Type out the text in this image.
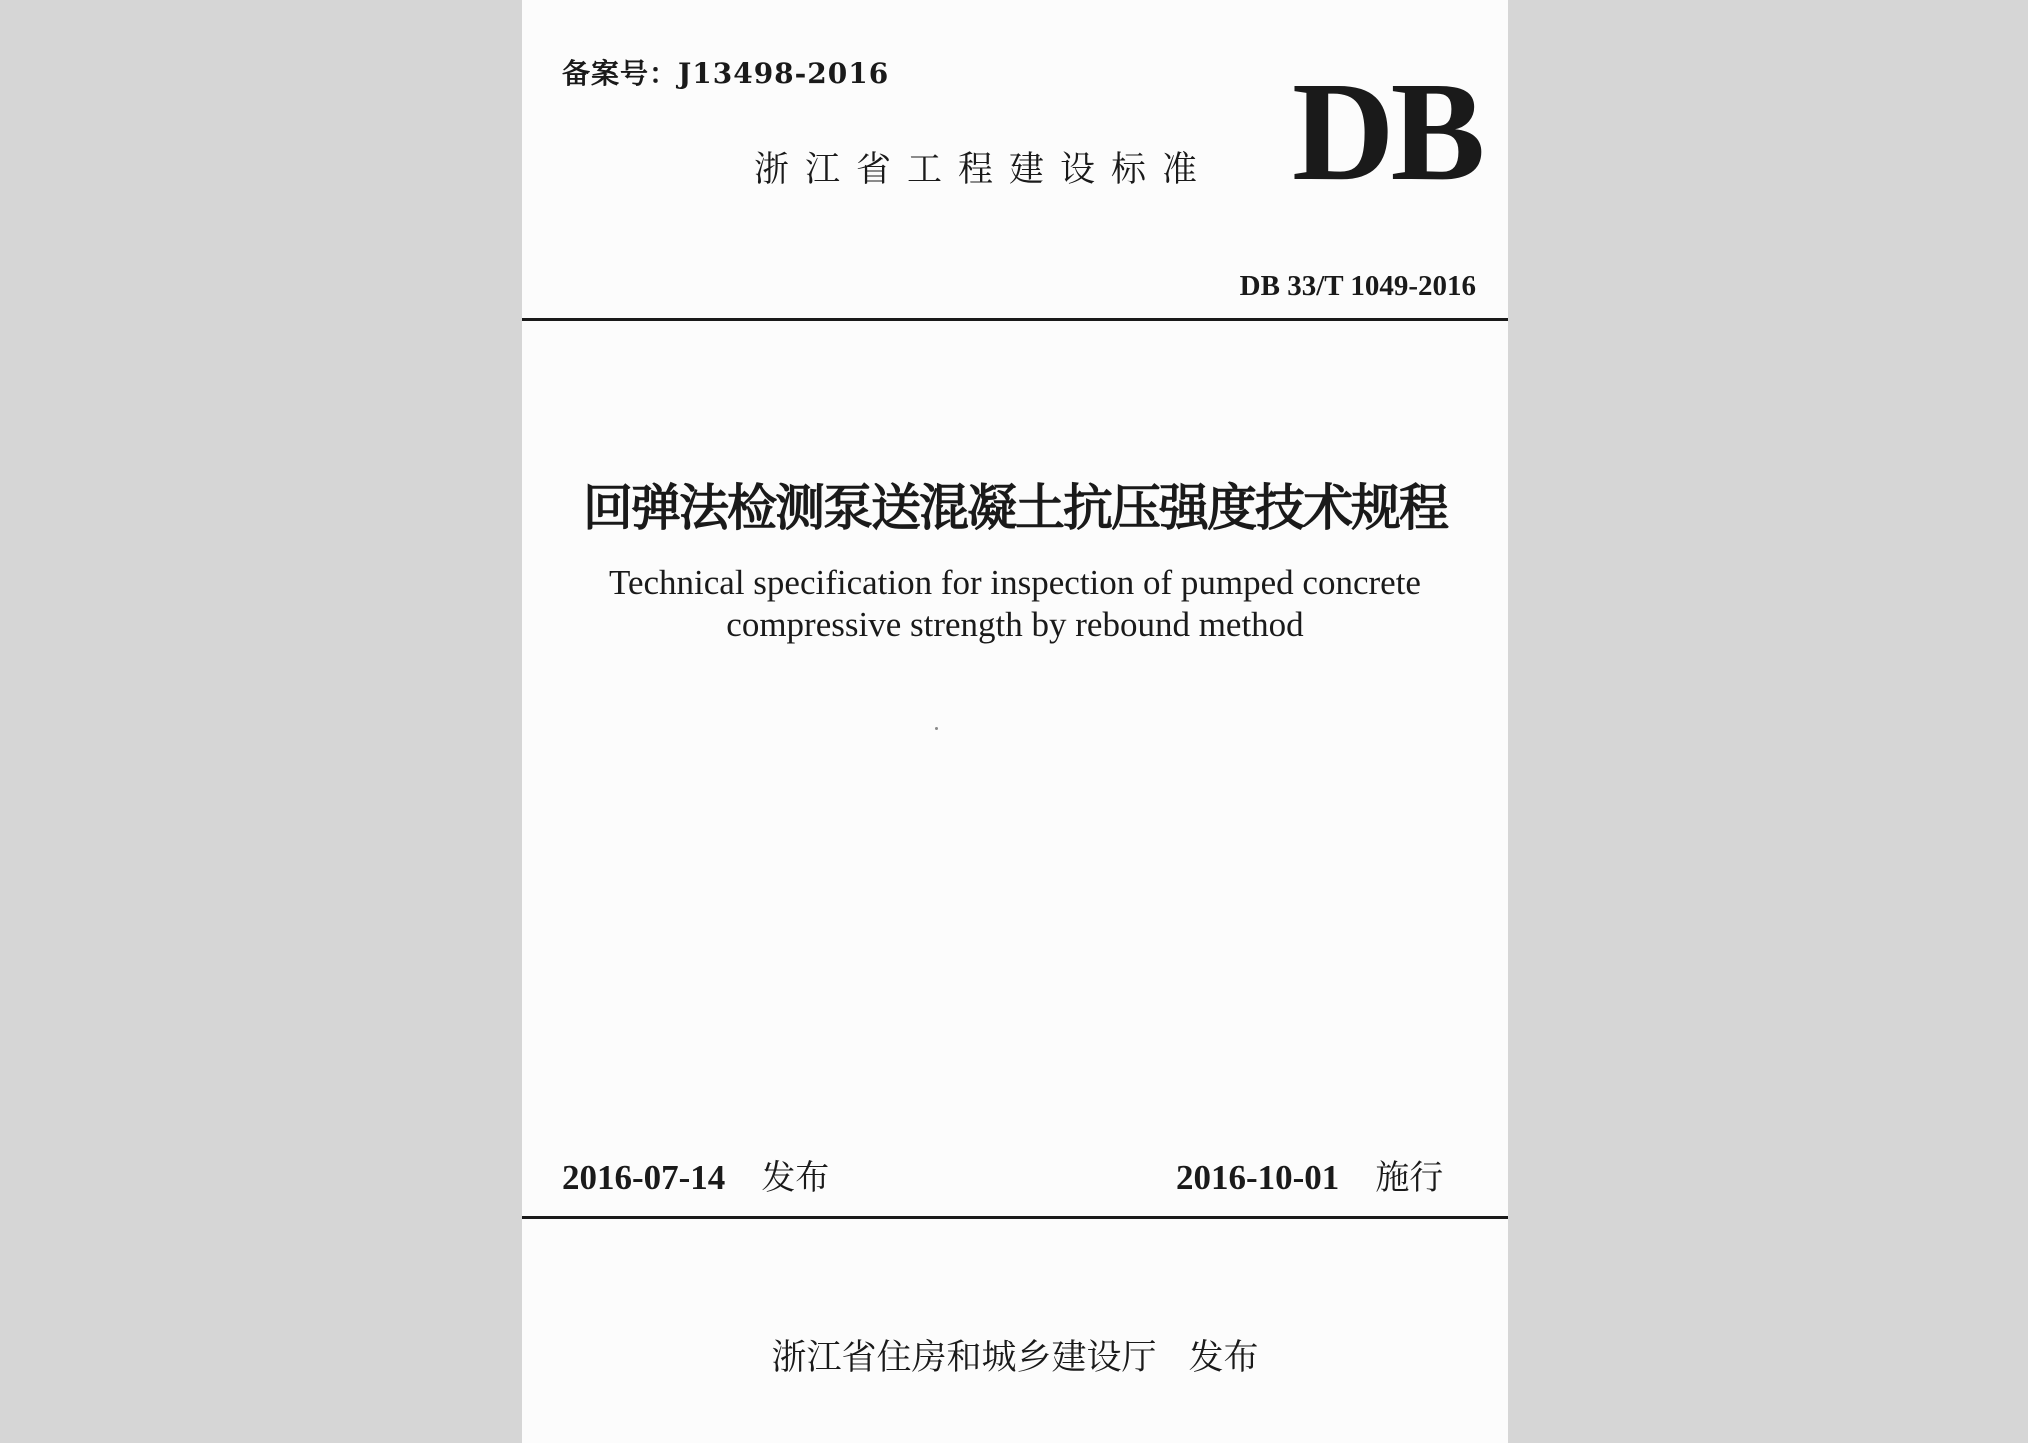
备案号：J13498-2016
浙江省工程建设标准 DB
DB 33/T 1049-2016
回弹法检测泵送混凝土抗压强度技术规程
Technical specification for inspection of pumped concrete
compressive strength by rebound method
2016-07-14 发布	2016-10-01 施行
浙江省住房和城乡建设厅 发布
